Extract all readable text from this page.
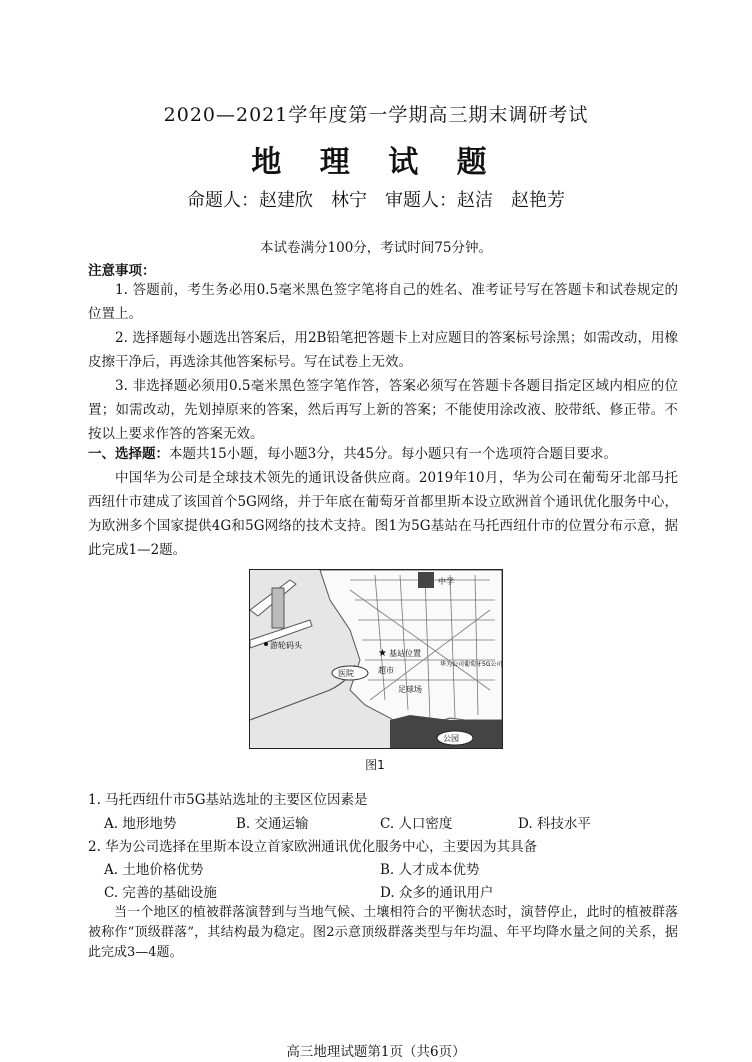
2020—2021学年度第一学期高三期末调研考试
地 理 试 题
命题人：赵建欣　林宁　审题人：赵洁　赵艳芳
本试卷满分100分，考试时间75分钟。
注意事项：
1. 答题前，考生务必用0.5毫米黑色签字笔将自己的姓名、准考证号写在答题卡和试卷规定的位置上。
2. 选择题每小题选出答案后，用2B铅笔把答题卡上对应题目的答案标号涂黑；如需改动，用橡皮擦干净后，再选涂其他答案标号。写在试卷上无效。
3. 非选择题必须用0.5毫米黑色签字笔作答，答案必须写在答题卡各题目指定区域内相应的位置；如需改动，先划掉原来的答案，然后再写上新的答案；不能使用涂改液、胶带纸、修正带。不按以上要求作答的答案无效。
一、选择题：本题共15小题，每小题3分，共45分。每小题只有一个选项符合题目要求。
中国华为公司是全球技术领先的通讯设备供应商。2019年10月，华为公司在葡萄牙北部马托西纽什市建成了该国首个5G网络，并于年底在葡萄牙首都里斯本设立欧洲首个通讯优化服务中心，为欧洲多个国家提供4G和5G网络的技术支持。图1为5G基站在马托西纽什市的位置分布示意，据此完成1—2题。
中学
游轮码头
★ 基站位置
医院	超市
足球场
华为公司葡萄牙5G公司
公园
图1
1. 马托西纽什市5G基站选址的主要区位因素是
A. 地形地势	B. 交通运输	C. 人口密度	D. 科技水平
2. 华为公司选择在里斯本设立首家欧洲通讯优化服务中心，主要因为其具备
A. 土地价格优势	B. 人才成本优势
C. 完善的基础设施	D. 众多的通讯用户
当一个地区的植被群落演替到与当地气候、土壤相符合的平衡状态时，演替停止，此时的植被群落被称作“顶级群落”，其结构最为稳定。图2示意顶级群落类型与年均温、年平均降水量之间的关系，据此完成3—4题。
高三地理试题第1页（共6页）
